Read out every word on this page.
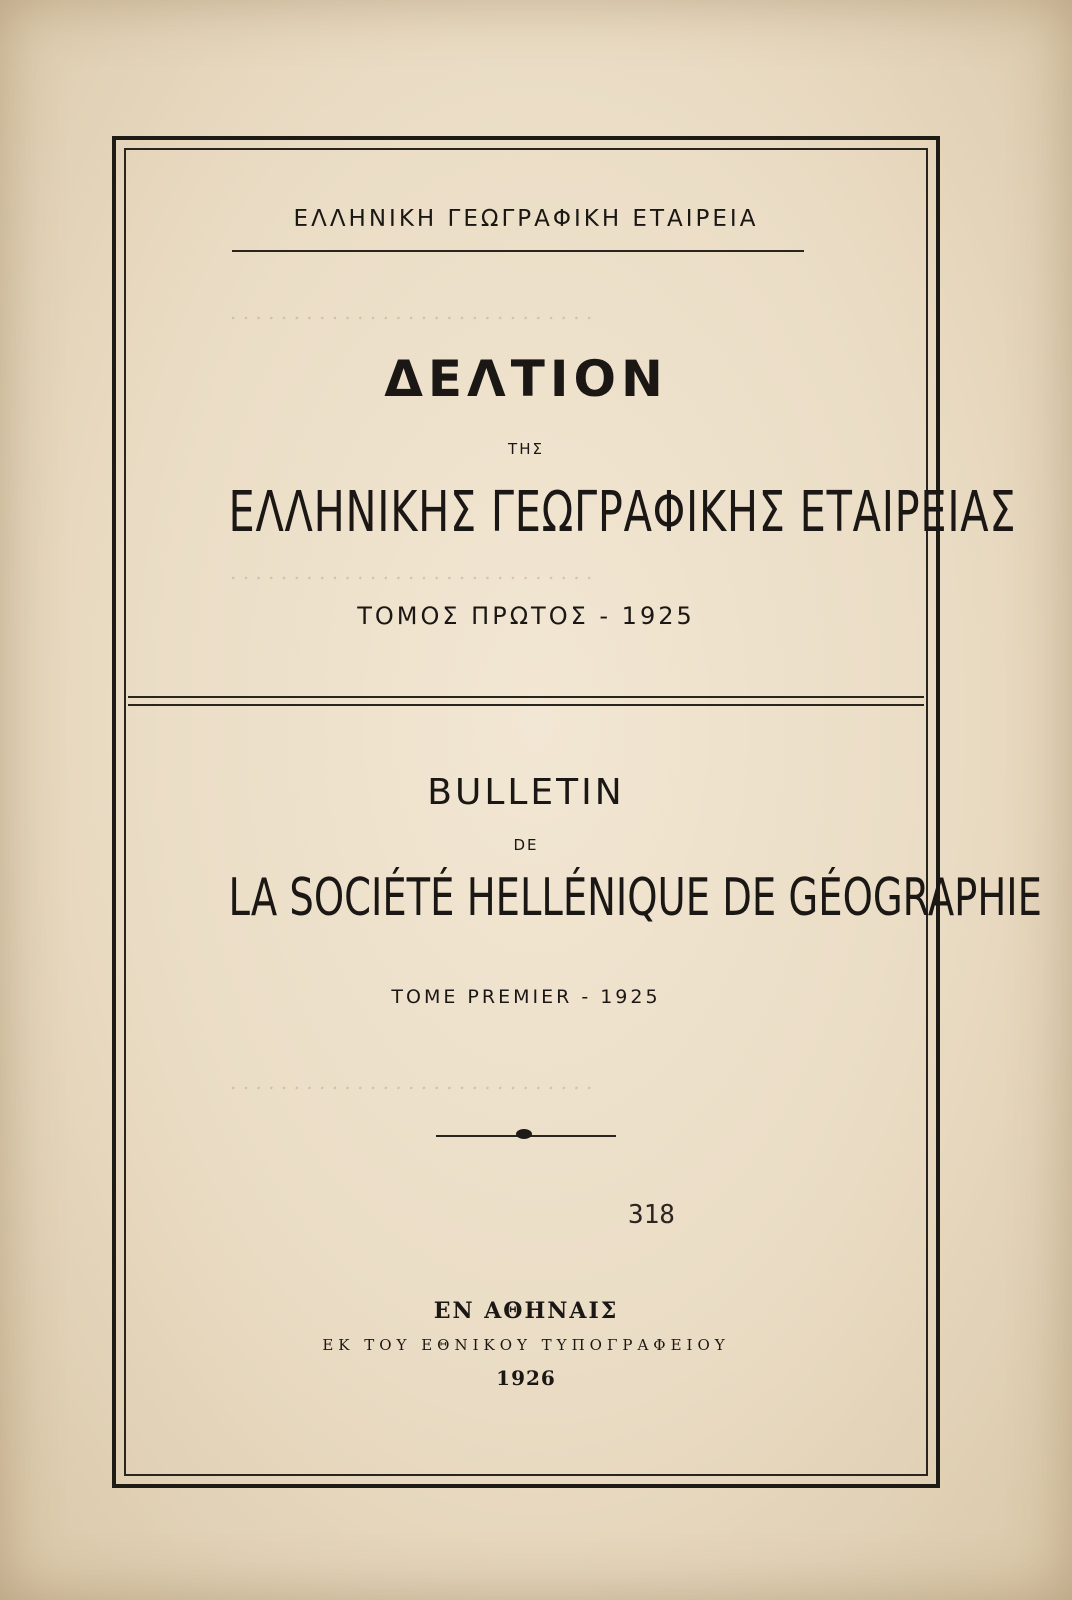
. . . . . . . . . . . . . . . . . . . . . . . . . . . . .
. . . . . . . . . . . . . . . . . . . . . . . . . . . . .
. . . . . . . . . . . . . . . . . . . . . . . . . . . . .
ΕΛΛΗΝΙΚΗ ΓΕΩΓΡΑΦΙΚΗ ΕΤΑΙΡΕΙΑ
ΔΕΛΤΙΟΝ
ΤΗΣ
ΕΛΛΗΝΙΚΗΣ ΓΕΩΓΡΑΦΙΚΗΣ ΕΤΑΙΡΕΙΑΣ
ΤΟΜΟΣ ΠΡΩΤΟΣ - 1925
BULLETIN
DE
LA SOCIÉTÉ HELLÉNIQUE DE GÉOGRAPHIE
TOME PREMIER - 1925
318
ΕΝ ΑΘΗΝΑΙΣ
ΕΚ ΤΟΥ ΕΘΝΙΚΟΥ ΤΥΠΟΓΡΑΦΕΙΟΥ
1926
